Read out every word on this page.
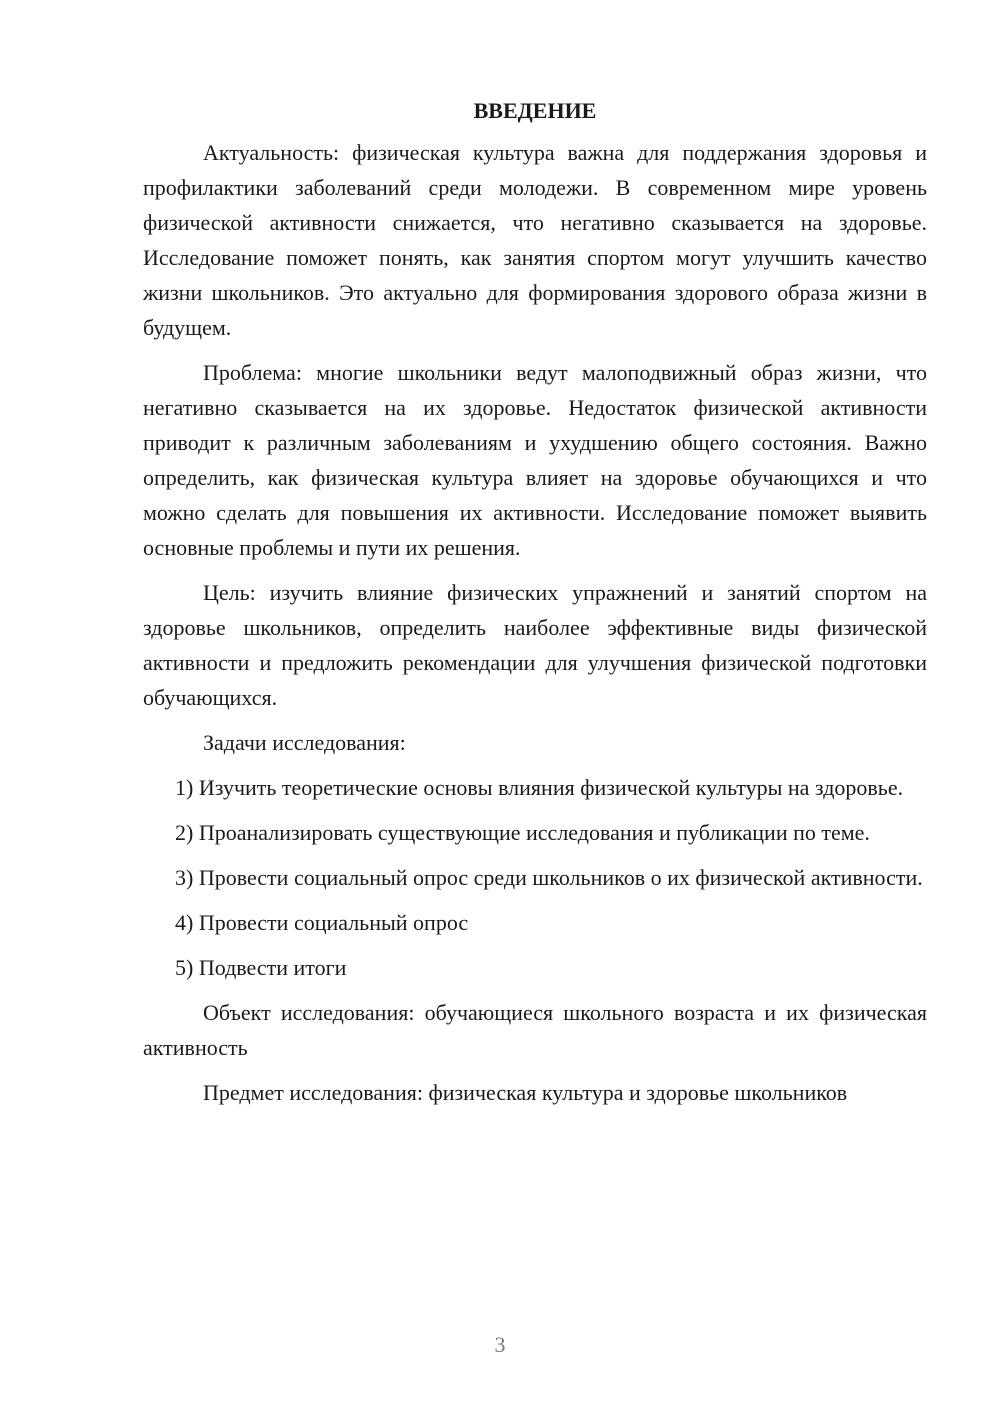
ВВЕДЕНИЕ

Актуальность: физическая культура важна для поддержания здоровья и профилактики заболеваний среди молодежи. В современном мире уровень физической активности снижается, что негативно сказывается на здоровье. Исследование поможет понять, как занятия спортом могут улучшить качество жизни школьников. Это актуально для формирования здорового образа жизни в будущем.

Проблема: многие школьники ведут малоподвижный образ жизни, что негативно сказывается на их здоровье. Недостаток физической активности приводит к различным заболеваниям и ухудшению общего состояния. Важно определить, как физическая культура влияет на здоровье обучающихся и что можно сделать для повышения их активности. Исследование поможет выявить основные проблемы и пути их решения.

Цель: изучить влияние физических упражнений и занятий спортом на здоровье школьников, определить наиболее эффективные виды физической активности и предложить рекомендации для улучшения физической подготовки обучающихся.

Задачи исследования:

1) Изучить теоретические основы влияния физической культуры на здоровье.

2) Проанализировать существующие исследования и публикации по теме.

3) Провести социальный опрос среди школьников о их физической активности.

4) Провести социальный опрос

5) Подвести итоги

Объект исследования: обучающиеся школьного возраста и их физическая активность

Предмет исследования: физическая культура и здоровье школьников

3
